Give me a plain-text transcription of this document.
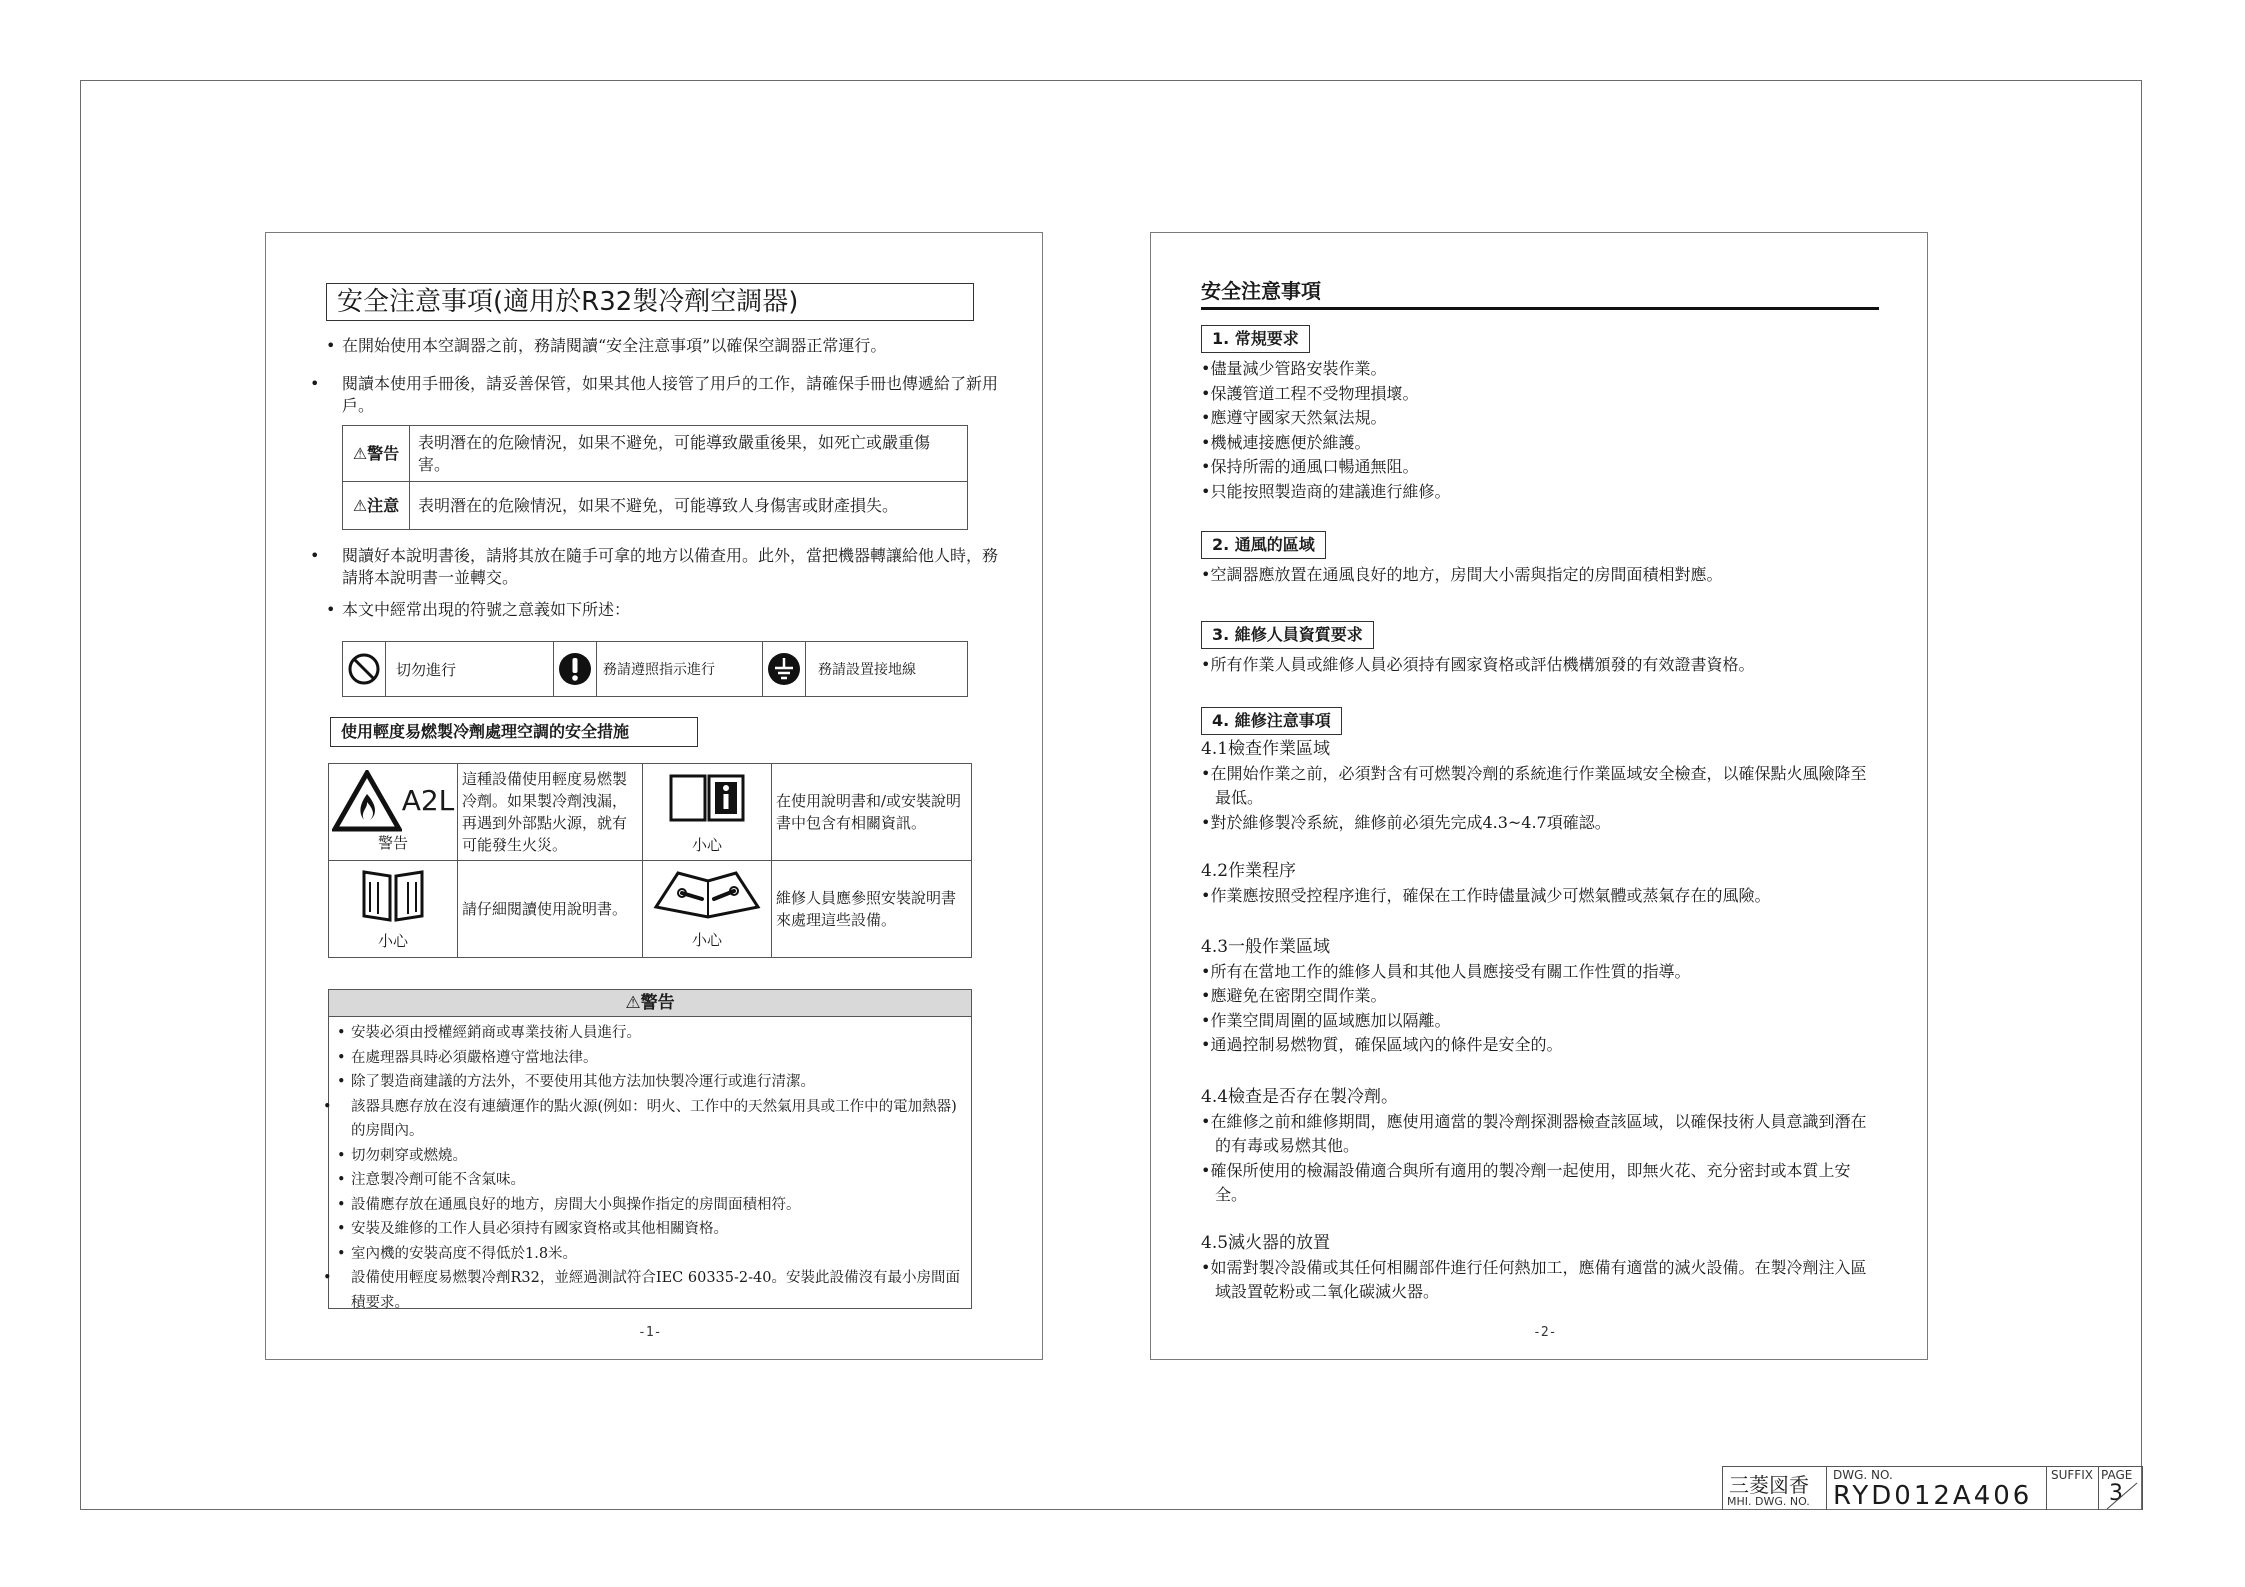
安全注意事項(適用於R32製冷劑空調器)
• 在開始使用本空調器之前，務請閱讀“安全注意事項”以確保空調器正常運行。
• 閱讀本使用手冊後，請妥善保管，如果其他人接管了用戶的工作，請確保手冊也傳遞給了新用戶。
⚠警告	表明潛在的危險情況，如果不避免，可能導致嚴重後果，如死亡或嚴重傷害。
⚠注意	表明潛在的危險情況，如果不避免，可能導致人身傷害或財產損失。
• 閱讀好本說明書後，請將其放在隨手可拿的地方以備查用。此外，當把機器轉讓給他人時，務請將本說明書一並轉交。
• 本文中經常出現的符號之意義如下所述：
切勿進行	務請遵照指示進行	務請設置接地線
使用輕度易燃製冷劑處理空調的安全措施
A2L
警告	這種設備使用輕度易燃製冷劑。如果製冷劑洩漏，再遇到外部點火源，就有可能發生火災。	小心	在使用說明書和/或安裝說明書中包含有相關資訊。

小心	請仔細閱讀使用說明書。	小心	維修人員應參照安裝說明書來處理這些設備。
⚠警告
• 安裝必須由授權經銷商或專業技術人員進行。
• 在處理器具時必須嚴格遵守當地法律。
• 除了製造商建議的方法外，不要使用其他方法加快製冷運行或進行清潔。
• 該器具應存放在沒有連續運作的點火源(例如：明火、工作中的天然氣用具或工作中的電加熱器)的房間內。
• 切勿刺穿或燃燒。
• 注意製冷劑可能不含氣味。
• 設備應存放在通風良好的地方，房間大小與操作指定的房間面積相符。
• 安裝及維修的工作人員必須持有國家資格或其他相關資格。
• 室內機的安裝高度不得低於1.8米。
• 設備使用輕度易燃製冷劑R32，並經過測試符合IEC 60335-2-40。安裝此設備沒有最小房間面積要求。
-1-
安全注意事項
1. 常規要求
•儘量減少管路安裝作業。
•保護管道工程不受物理損壞。
•應遵守國家天然氣法規。
•機械連接應便於維護。
•保持所需的通風口暢通無阻。
•只能按照製造商的建議進行維修。
2. 通風的區域
•空調器應放置在通風良好的地方，房間大小需與指定的房間面積相對應。
3. 維修人員資質要求
•所有作業人員或維修人員必須持有國家資格或評估機構頒發的有效證書資格。
4. 維修注意事項
4.1檢查作業區域
•在開始作業之前，必須對含有可燃製冷劑的系統進行作業區域安全檢查，以確保點火風險降至最低。
•對於維修製冷系統，維修前必須先完成4.3~4.7項確認。
4.2作業程序
•作業應按照受控程序進行，確保在工作時儘量減少可燃氣體或蒸氣存在的風險。
4.3一般作業區域
•所有在當地工作的維修人員和其他人員應接受有關工作性質的指導。
•應避免在密閉空間作業。
•作業空間周圍的區域應加以隔離。
•通過控制易燃物質，確保區域內的條件是安全的。
4.4檢查是否存在製冷劑。
•在維修之前和維修期間，應使用適當的製冷劑探測器檢查該區域，以確保技術人員意識到潛在的有毒或易燃其他。
•確保所使用的檢漏設備適合與所有適用的製冷劑一起使用，即無火花、充分密封或本質上安全。
4.5滅火器的放置
•如需對製冷設備或其任何相關部件進行任何熱加工，應備有適當的滅火設備。在製冷劑注入區域設置乾粉或二氧化碳滅火器。
-2-
三菱図香
MHI. DWG. NO.
DWG. NO.
RYD012A406
SUFFIX PAGE
3
